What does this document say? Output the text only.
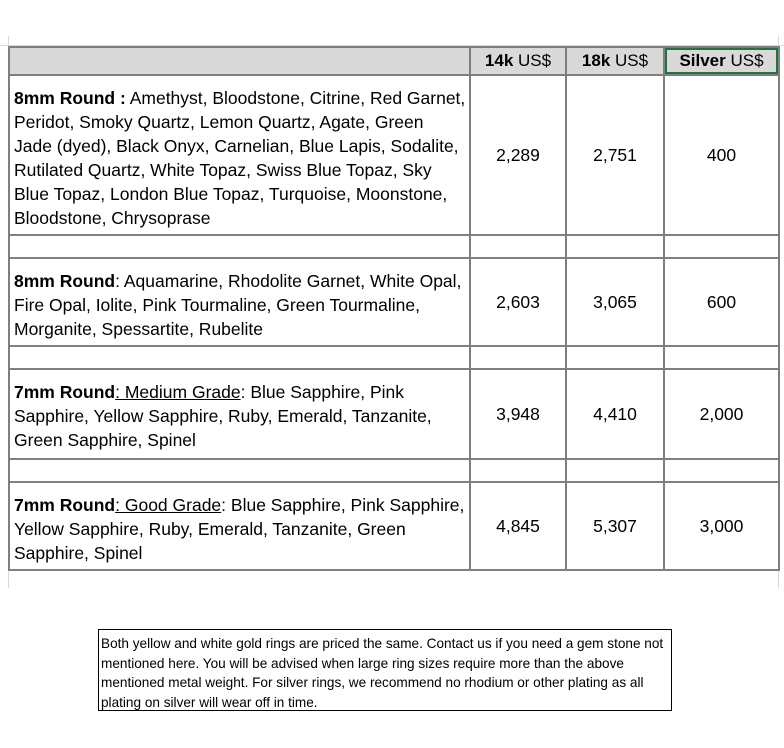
	14k US$	18k US$	Silver US$
8mm Round : Amethyst, Bloodstone, Citrine, Red Garnet, Peridot, Smoky Quartz, Lemon Quartz, Agate, Green Jade (dyed), Black Onyx, Carnelian, Blue Lapis, Sodalite, Rutilated Quartz, White Topaz, Swiss Blue Topaz, Sky Blue Topaz, London Blue Topaz, Turquoise, Moonstone, Bloodstone, Chrysoprase	2,289	2,751	400

8mm Round: Aquamarine, Rhodolite Garnet, White Opal, Fire Opal, Iolite, Pink Tourmaline, Green Tourmaline, Morganite, Spessartite, Rubelite	2,603	3,065	600

7mm Round: Medium Grade: Blue Sapphire, Pink Sapphire, Yellow Sapphire, Ruby, Emerald, Tanzanite, Green Sapphire, Spinel	3,948	4,410	2,000

7mm Round: Good Grade: Blue Sapphire, Pink Sapphire, Yellow Sapphire, Ruby, Emerald, Tanzanite, Green Sapphire, Spinel	4,845	5,307	3,000
Both yellow and white gold rings are priced the same. Contact us if you need a gem stone not mentioned here. You will be advised when large ring sizes require more than the above mentioned metal weight. For silver rings, we recommend no rhodium or other plating as all plating on silver will wear off in time.
